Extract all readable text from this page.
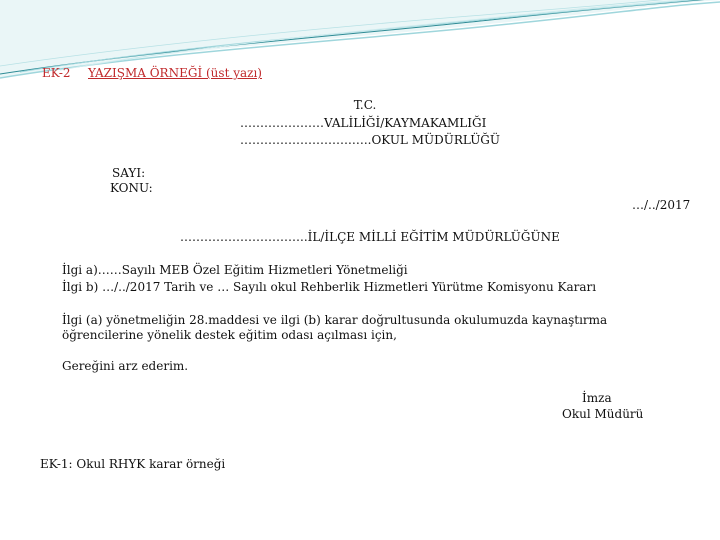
EK-2 YAZIŞMA ÖRNEĞİ (üst yazı)
T.C.
…………………VALİLİĞİ/KAYMAKAMLIĞI
……………………….…..OKUL MÜDÜRLÜĞÜ
SAYI:
KONU:
…/../2017
…………………………..İL/İLÇE MİLLİ EĞİTİM MÜDÜRLÜĞÜNE
İlgi a)……Sayılı MEB Özel Eğitim Hizmetleri Yönetmeliği
İlgi b) …/../2017 Tarih ve … Sayılı okul Rehberlik Hizmetleri Yürütme Komisyonu Kararı
İlgi (a) yönetmeliğin 28.maddesi ve ilgi (b) karar doğrultusunda okulumuzda kaynaştırma
öğrencilerine yönelik destek eğitim odası açılması için,
Gereğini arz ederim.
İmza
Okul Müdürü
EK-1: Okul RHYK karar örneği
